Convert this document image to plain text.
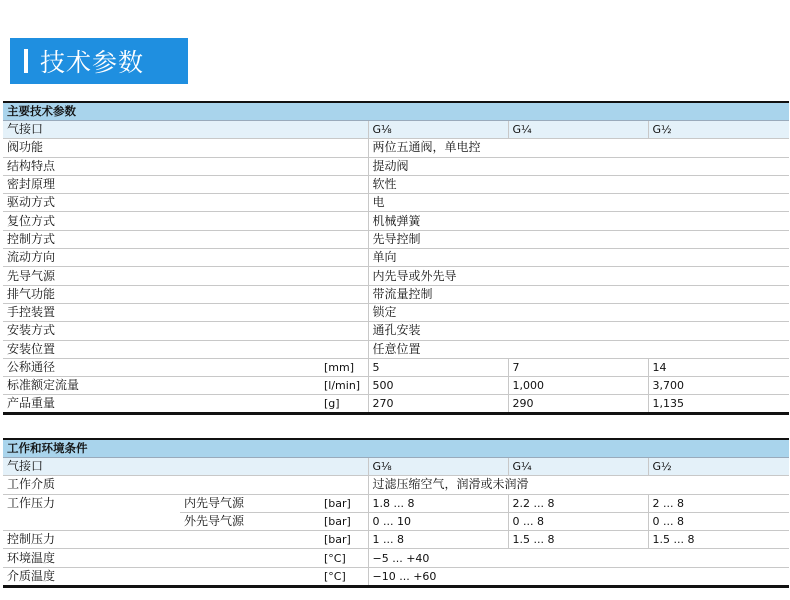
技术参数
主要技术参数				
气接口		G⅛	G¼	G½
阀功能		两位五通阀，单电控		
结构特点		提动阀		
密封原理		软性		
驱动方式		电		
复位方式		机械弹簧		
控制方式		先导控制		
流动方向		单向		
先导气源		内先导或外先导		
排气功能		带流量控制		
手控装置		锁定		
安装方式		通孔安装		
安装位置		任意位置		
公称通径	[mm]	5	7	14
标准额定流量	[l/min]	500	1,000	3,700
产品重量	[g]	270	290	1,135
工作和环境条件					
气接口			G⅛	G¼	G½
工作介质			过滤压缩空气，润滑或未润滑		
工作压力	内先导气源	[bar]	1.8 ... 8	2.2 ... 8	2 ... 8
	外先导气源	[bar]	0 ... 10	0 ... 8	0 ... 8
控制压力		[bar]	1 ... 8	1.5 ... 8	1.5 ... 8
环境温度		[°C]	−5 ... +40		
介质温度		[°C]	−10 ... +60		
